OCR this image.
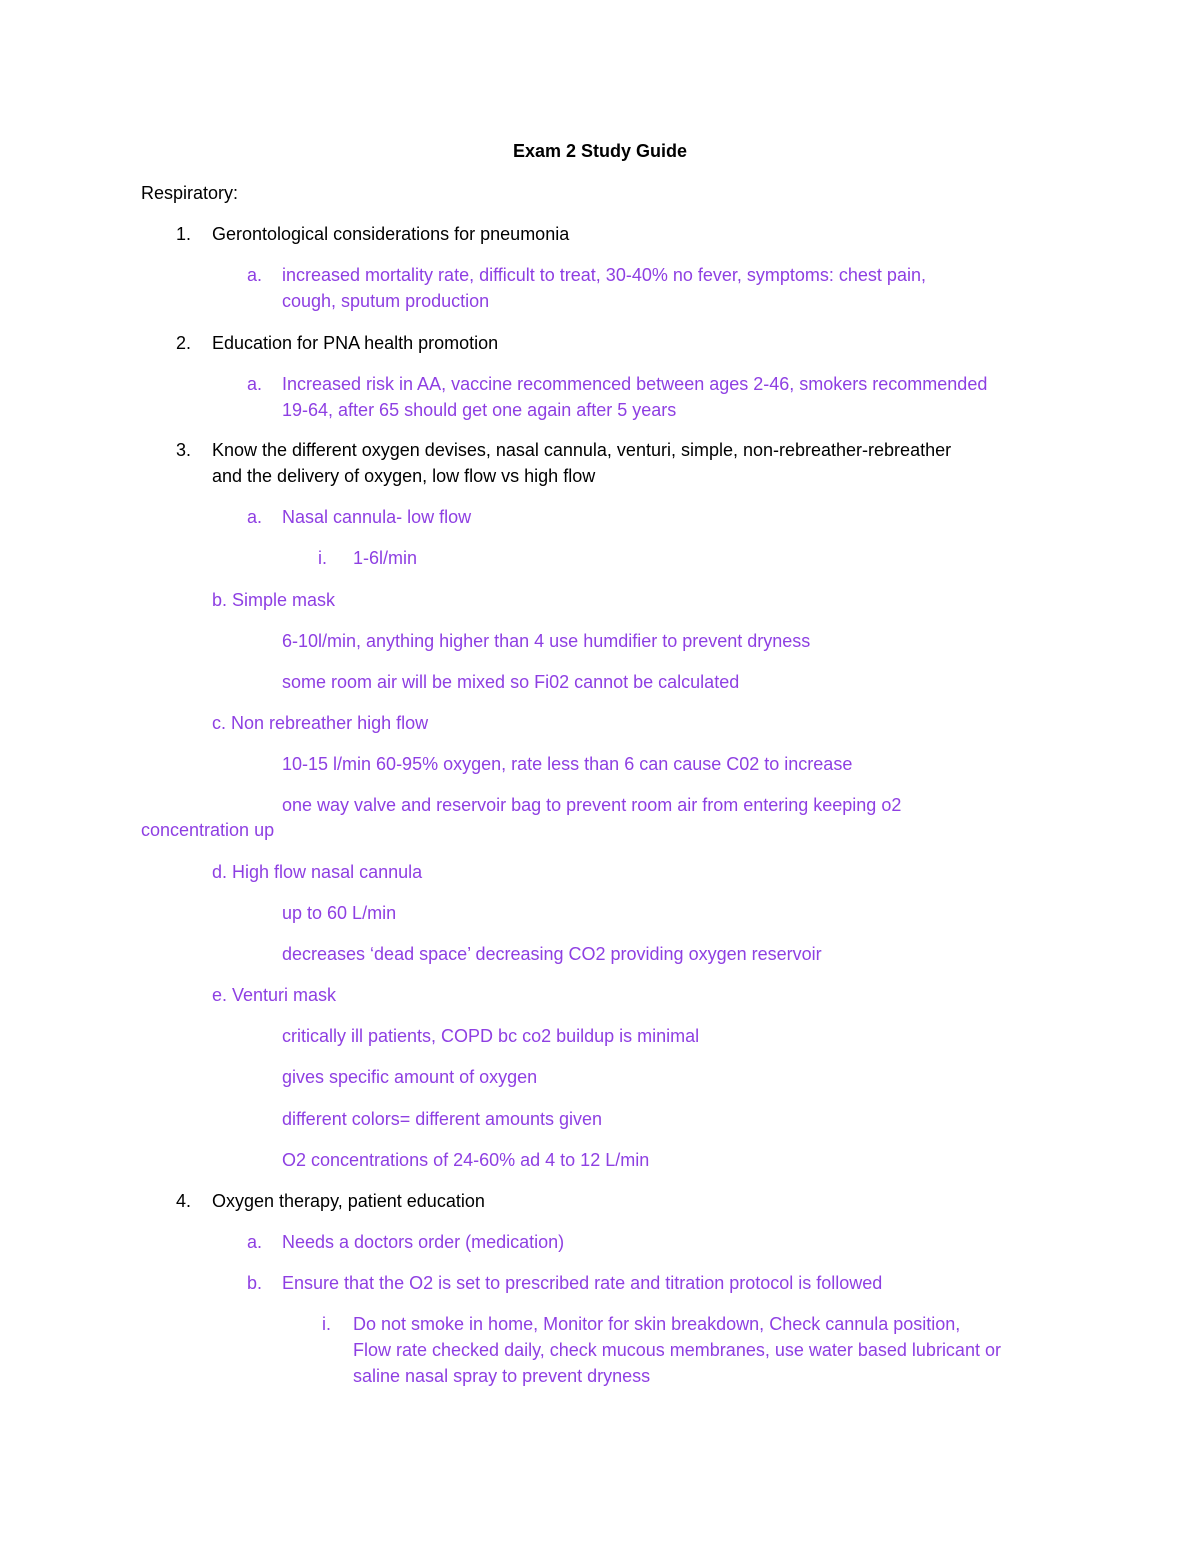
Exam 2 Study Guide
Respiratory:
1. Gerontological considerations for pneumonia
a. increased mortality rate, difficult to treat, 30-40% no fever, symptoms: chest pain,
cough, sputum production
2. Education for PNA health promotion
a. Increased risk in AA, vaccine recommenced between ages 2-46, smokers recommended
19-64, after 65 should get one again after 5 years
3. Know the different oxygen devises, nasal cannula, venturi, simple, non-rebreather-rebreather
and the delivery of oxygen, low flow vs high flow
a. Nasal cannula- low flow
i. 1-6l/min
b. Simple mask
6-10l/min, anything higher than 4 use humdifier to prevent dryness
some room air will be mixed so Fi02 cannot be calculated
c. Non rebreather high flow
10-15 l/min 60-95% oxygen, rate less than 6 can cause C02 to increase
one way valve and reservoir bag to prevent room air from entering keeping o2
concentration up
d. High flow nasal cannula
up to 60 L/min
decreases ‘dead space’ decreasing CO2 providing oxygen reservoir
e. Venturi mask
critically ill patients, COPD bc co2 buildup is minimal
gives specific amount of oxygen
different colors= different amounts given
O2 concentrations of 24-60% ad 4 to 12 L/min
4. Oxygen therapy, patient education
a. Needs a doctors order (medication)
b. Ensure that the O2 is set to prescribed rate and titration protocol is followed
i. Do not smoke in home, Monitor for skin breakdown, Check cannula position,
Flow rate checked daily, check mucous membranes, use water based lubricant or
saline nasal spray to prevent dryness
